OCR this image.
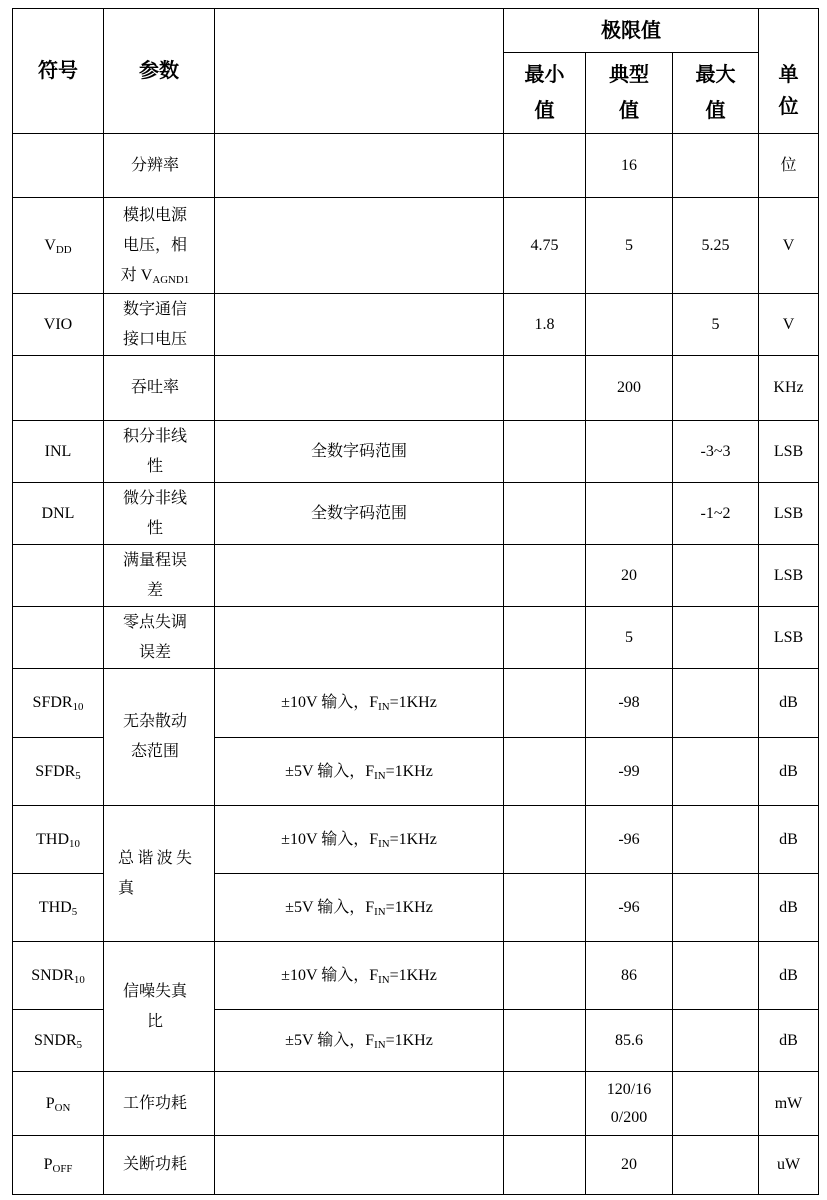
符号	参数		极限值			单位
			最小值	典型值	最大值	
	分辨率			16		位
$V_{DD}$	模拟电源电压，相对 $V_{AGND1}$		4.75	5	5.25	V
VIO	数字通信接口电压		1.8		5	V
	吞吐率			200		KHz
INL	积分非线性	全数字码范围			-3~3	LSB
DNL	微分非线性	全数字码范围			-1~2	LSB
	满量程误差			20		LSB
	零点失调误差			5		LSB
$SFDR_{10}$	无杂散动态范围	±10V 输入，$F_{IN}=1KHz$		-98		dB
$SFDR_5$		±5V 输入，$F_{IN}=1KHz$		-99		dB
$THD_{10}$	总谐波失真	±10V 输入，$F_{IN}=1KHz$		-96		dB
$THD_5$		±5V 输入，$F_{IN}=1KHz$		-96		dB
$SNDR_{10}$	信噪失真比	±10V 输入，$F_{IN}=1KHz$		86		dB
$SNDR_5$		±5V 输入，$F_{IN}=1KHz$		85.6		dB
$P_{ON}$	工作功耗			120/160/200		mW
$P_{OFF}$	关断功耗			20		uW
